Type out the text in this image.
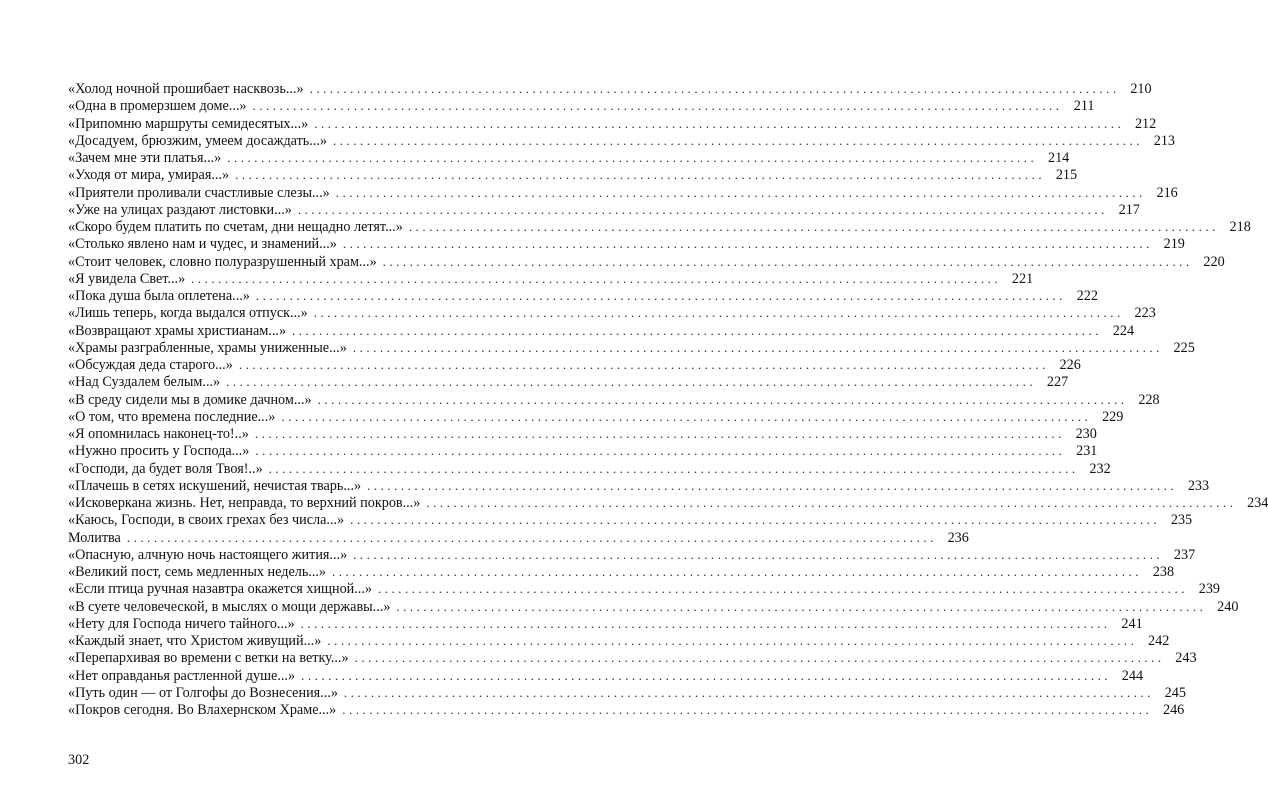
«Холод ночной прошибает насквозь...» ........................................................................................................................ 210
«Одна в промерзшем доме...» ........................................................................................................................ 211
«Припомню маршруты семидесятых...» ........................................................................................................................ 212
«Досадуем, брюзжим, умеем досаждать...» ........................................................................................................................ 213
«Зачем мне эти платья...» ........................................................................................................................ 214
«Уходя от мира, умирая...» ........................................................................................................................ 215
«Приятели проливали счастливые слезы...» ........................................................................................................................ 216
«Уже на улицах раздают листовки...» ........................................................................................................................ 217
«Скоро будем платить по счетам, дни нещадно летят...» ........................................................................................................................ 218
«Столько явлено нам и чудес, и знамений...» ........................................................................................................................ 219
«Стоит человек, словно полуразрушенный храм...» ........................................................................................................................ 220
«Я увидела Свет...» ........................................................................................................................ 221
«Пока душа была оплетена...» ........................................................................................................................ 222
«Лишь теперь, когда выдался отпуск...» ........................................................................................................................ 223
«Возвращают храмы христианам...» ........................................................................................................................ 224
«Храмы разграбленные, храмы униженные...» ........................................................................................................................ 225
«Обсуждая деда старого...» ........................................................................................................................ 226
«Над Суздалем белым...» ........................................................................................................................ 227
«В среду сидели мы в домике дачном...» ........................................................................................................................ 228
«О том, что времена последние...» ........................................................................................................................ 229
«Я опомнилась наконец-то!..» ........................................................................................................................ 230
«Нужно просить у Господа...» ........................................................................................................................ 231
«Господи, да будет воля Твоя!..» ........................................................................................................................ 232
«Плачешь в сетях искушений, нечистая тварь...» ........................................................................................................................ 233
«Исковеркана жизнь. Нет, неправда, то верхний покров...» ........................................................................................................................ 234
«Каюсь, Господи, в своих грехах без числа...» ........................................................................................................................ 235
Молитва ........................................................................................................................ 236
«Опасную, алчную ночь настоящего жития...» ........................................................................................................................ 237
«Великий пост, семь медленных недель...» ........................................................................................................................ 238
«Если птица ручная назавтра окажется хищной...» ........................................................................................................................ 239
«В суете человеческой, в мыслях о мощи державы...» ........................................................................................................................ 240
«Нету для Господа ничего тайного...» ........................................................................................................................ 241
«Каждый знает, что Христом живущий...» ........................................................................................................................ 242
«Перепархивая во времени с ветки на ветку...» ........................................................................................................................ 243
«Нет оправданья растленной душе...» ........................................................................................................................ 244
«Путь один — от Голгофы до Вознесения...» ........................................................................................................................ 245
«Покров сегодня. Во Влахернском Храме...» ........................................................................................................................ 246
302
